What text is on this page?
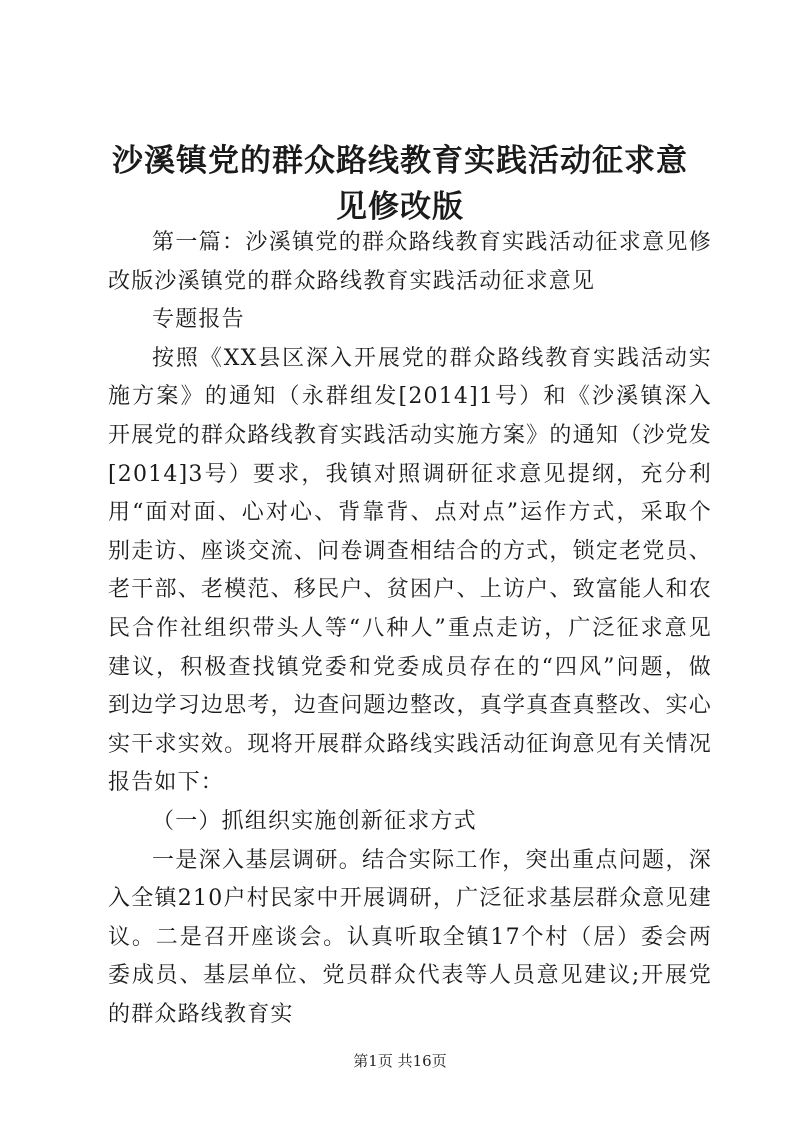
沙溪镇党的群众路线教育实践活动征求意见修改版

第一篇：沙溪镇党的群众路线教育实践活动征求意见修改版沙溪镇党的群众路线教育实践活动征求意见

专题报告

按照《XX县区深入开展党的群众路线教育实践活动实施方案》的通知（永群组发[2014]1号）和《沙溪镇深入开展党的群众路线教育实践活动实施方案》的通知（沙党发[2014]3号）要求，我镇对照调研征求意见提纲，充分利用“面对面、心对心、背靠背、点对点”运作方式，采取个别走访、座谈交流、问卷调查相结合的方式，锁定老党员、老干部、老模范、移民户、贫困户、上访户、致富能人和农民合作社组织带头人等“八种人”重点走访，广泛征求意见建议，积极查找镇党委和党委成员存在的“四风”问题，做到边学习边思考，边查问题边整改，真学真查真整改、实心实干求实效。现将开展群众路线实践活动征询意见有关情况报告如下：

（一）抓组织实施创新征求方式

一是深入基层调研。结合实际工作，突出重点问题，深入全镇210户村民家中开展调研，广泛征求基层群众意见建议。二是召开座谈会。认真听取全镇17个村（居）委会两委成员、基层单位、党员群众代表等人员意见建议;开展党的群众路线教育实

第1页 共16页
